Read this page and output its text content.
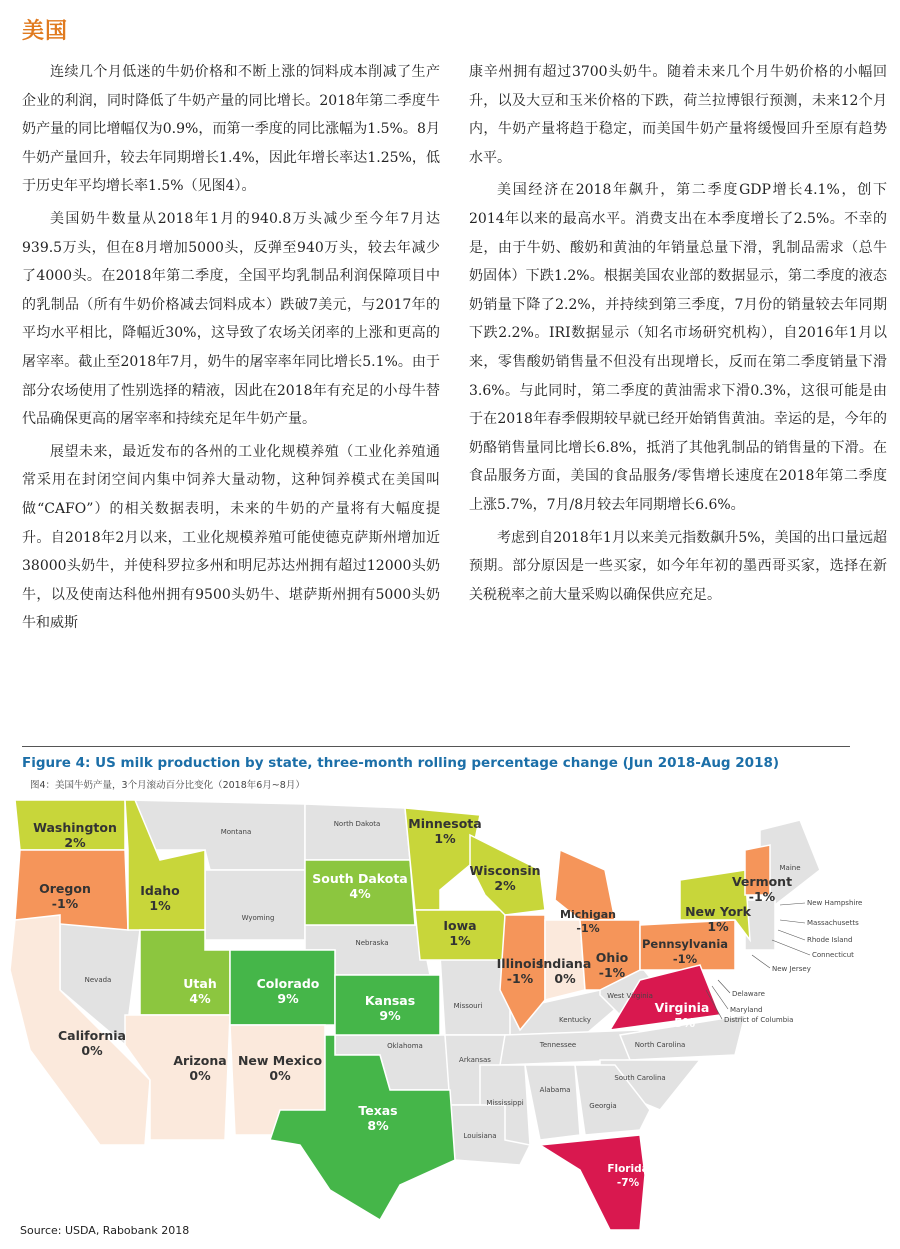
美国

连续几个月低迷的牛奶价格和不断上涨的饲料成本削减了生产企业的利润，同时降低了牛奶产量的同比增长。2018年第二季度牛奶产量的同比增幅仅为0.9%，而第一季度的同比涨幅为1.5%。8月牛奶产量回升，较去年同期增长1.4%，因此年增长率达1.25%，低于历史年平均增长率1.5%（见图4）。

美国奶牛数量从2018年1月的940.8万头减少至今年7月达939.5万头，但在8月增加5000头，反弹至940万头，较去年减少了4000头。在2018年第二季度，全国平均乳制品利润保障项目中的乳制品（所有牛奶价格减去饲料成本）跌破7美元，与2017年的平均水平相比，降幅近30%，这导致了农场关闭率的上涨和更高的屠宰率。截止至2018年7月，奶牛的屠宰率年同比增长5.1%。由于部分农场使用了性别选择的精液，因此在2018年有充足的小母牛替代品确保更高的屠宰率和持续充足年牛奶产量。

展望未来，最近发布的各州的工业化规模养殖（工业化养殖通常采用在封闭空间内集中饲养大量动物，这种饲养模式在美国叫做“CAFO”）的相关数据表明，未来的牛奶的产量将有大幅度提升。自2018年2月以来，工业化规模养殖可能使德克萨斯州增加近38000头奶牛，并使科罗拉多州和明尼苏达州拥有超过12000头奶牛，以及使南达科他州拥有9500头奶牛、堪萨斯州拥有5000头奶牛和威斯

康辛州拥有超过3700头奶牛。随着未来几个月牛奶价格的小幅回升，以及大豆和玉米价格的下跌，荷兰拉博银行预测，未来12个月内，牛奶产量将趋于稳定，而美国牛奶产量将缓慢回升至原有趋势水平。

美国经济在2018年飙升，第二季度GDP增长4.1%，创下2014年以来的最高水平。消费支出在本季度增长了2.5%。不幸的是，由于牛奶、酸奶和黄油的年销量总量下滑，乳制品需求（总牛奶固体）下跌1.2%。根据美国农业部的数据显示，第二季度的液态奶销量下降了2.2%，并持续到第三季度，7月份的销量较去年同期下跌2.2%。IRI数据显示（知名市场研究机构），自2016年1月以来，零售酸奶销售量不但没有出现增长，反而在第二季度销量下滑3.6%。与此同时，第二季度的黄油需求下滑0.3%，这很可能是由于在2018年春季假期较早就已经开始销售黄油。幸运的是，今年的奶酪销售量同比增长6.8%，抵消了其他乳制品的销售量的下滑。在食品服务方面，美国的食品服务/零售增长速度在2018年第二季度上涨5.7%，7月/8月较去年同期增长6.6%。

考虑到自2018年1月以来美元指数飙升5%，美国的出口量远超预期。部分原因是一些买家，如今年年初的墨西哥买家，选择在新关税税率之前大量采购以确保供应充足。

Figure 4: US milk production by state, three-month rolling percentage change (Jun 2018-Aug 2018)
图4：美国牛奶产量，3个月滚动百分比变化（2018年6月~8月）
Washington 2%
Oregon -1%
Idaho 1%
California 0%
Utah 4%
Arizona 0%
Colorado 9%
New Mexico 0%
South Dakota 4%
Kansas 9%
Texas 8%
Minnesota 1%
Iowa 1%
Wisconsin 2%
Illinois -1%
Indiana 0%
Michigan -1%
Ohio -1%
Pennsylvania -1%
New York 1%
Vermont -1%
Virginia -5%
Florida -7%
Montana
North Dakota
Wyoming
Nebraska
Nevada
Missouri
Oklahoma
Arkansas
Kentucky
Tennessee	North Carolina
South Carolina
Mississippi
Alabama
Georgia
Louisiana
West Virginia
Maine
New Hampshire
Massachusetts
Rhode Island
Connecticut
New Jersey
Delaware
Maryland
District of Columbia
Source: USDA, Rabobank 2018
